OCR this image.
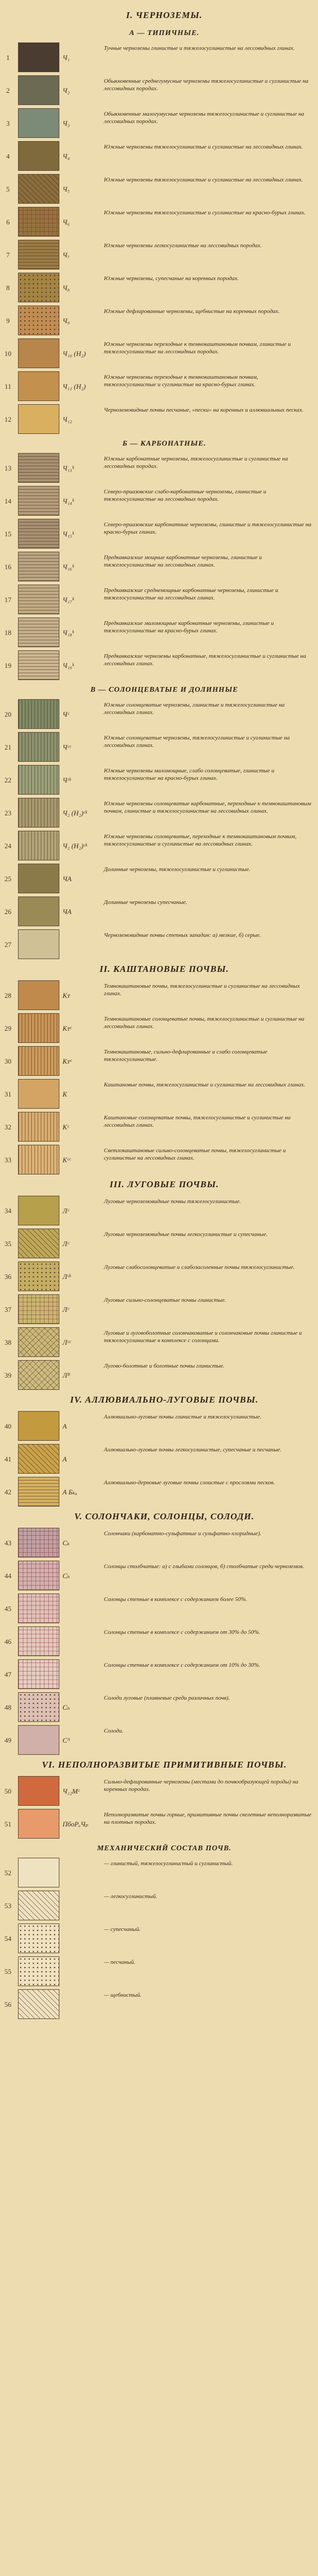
I. ЧЕРНОЗЕМЫ.
А — ТИПИЧНЫЕ.
1	Ч₁
Тучные черноземы глинистые и тяжелосуглинистые на лессовидных глинах.
2	Ч₂
Обыкновенные среднегумусные черноземы тяжелосуглинистые и суглинистые на лессовидных породах.
3	Ч₃
Обыкновенные малогумусные черноземы тяжелосуглинистые и суглинистые на лессовидных породах.
4	Ч₄
Южные черноземы тяжелосуглинистые и суглинистые на лессовидных глинах.
5	Ч₅
Южные черноземы тяжелосуглинистые и суглинистые на лессовидных глинах.
6	Ч₆
Южные черноземы тяжелосуглинистые и суглинистые на красно-бурых глинах.
7	Ч₇
Южные черноземы легкосуглинистые на лессовидных породах.
8	Ч₈
Южные черноземы, супесчаные на коренных породах.
9	Ч₉
Южные дефлированные черноземы, щебнистые на коренных породах.
10	Ч₁₀ (Н₂)
Южные черноземы переходные к темнокаштановым почвам, глинистые и тяжелосуглинистые на лессовидных породах.
11	Ч₁₁ (Н₂)
Южные черноземы переходные к темнокаштановым почвам, тяжелосуглинистые и суглинистые на красно-бурых глинах.
12	Ч₁₂
Черноземовидные почвы песчаные, «пески» на коренных и аллювиальных песках.
Б — КАРБОНАТНЫЕ.
13	Ч₁₃ᵏ
Южные карбонатные черноземы, тяжелосуглинистые и суглинистые на лессовидных породах.
14	Ч₁₄ᵏ
Северо-приазовские слабо-карбонатные черноземы, глинистые и тяжелосуглинистые на лессовидных породах.
15	Ч₁₅ᵏ
Северо-приазовские карбонатные черноземы, глинистые и тяжелосуглинистые на красно-бурых глинах.
16	Ч₁₆ᵏ
Предкавказские мощные карбонатные черноземы, глинистые и тяжелосуглинистые на лессовидных глинах.
17	Ч₁₇ᵏ
Предкавказские среднемощные карбонатные черноземы, глинистые и тяжелосуглинистые на лессовидных глинах.
18	Ч₁₈ᵏ
Предкавказские маломощные карбонатные черноземы, глинистые и тяжелосуглинистые на красно-бурых глинах.
19	Ч₁₉ᵏ
Предкавказские черноземы карбонатные, тяжелосуглинистые и суглинистые на лессовидных глинах.
В — СОЛОНЦЕВАТЫЕ И ДОЛИННЫЕ
20	Чᶜ
Южные солонцеватые черноземы, глинистые и тяжелосуглинистые на лессовидных глинах.
21	Чᶜᶜ
Южные солонцеватые черноземы, тяжелосуглинистые и суглинистые на лессовидных глинах.
22	Чᶜᵏ
Южные черноземы маломощные, слабо солонцеватые, глинистые и тяжелосуглинистые на красно-бурых глинах.
23	Ч₂ (Н₂)ᶜᵏ
Южные черноземы солонцеватые карбонатные, переходные к темнокаштановым почвам, глинистые и тяжелосуглинистые на лессовидных глинах.
24	Ч₂ (Н₂)ᶜᵏ
Южные черноземы солонцеватые, переходные к темнокаштановым почвам, тяжелосуглинистые и суглинистые на лессовидных глинах.
25	ЧА
Долинные черноземы, тяжелосуглинистые и суглинистые.
26	ЧА
Долинные черноземы супесчаные.
27
Черноземовидные почвы степных западин: а) мелкие, б) серые.
II. КАШТАНОВЫЕ ПОЧВЫ.
28	Кᴛ
Темнокаштановые почвы, тяжелосуглинистые и суглинистые на лессовидных глинах.
29	Кᴛᶜ
Темнокаштановые солонцеватые почвы, тяжелосуглинистые и суглинистые на лессовидных глинах.
30	Кᴛᶜ
Темнокаштановые, сильно-дефлированные и слабо солонцеватые тяжелосуглинистые.
31	К
Каштановые почвы, тяжелосуглинистые и суглинистые на лессовидных глинах.
32	Кᶜ
Каштановые солонцеватые почвы, тяжелосуглинистые и суглинистые на лессовидных глинах.
33	Кᶜᶜ
Светлокаштановые сильно-солонцеватые почвы, тяжелосуглинистые и суглинистые на лессовидных глинах.
III. ЛУГОВЫЕ ПОЧВЫ.
34	Лᶜ
Луговые черноземовидные почвы тяжелосуглинистые.
35	Лᶜ
Луговые черноземовидные почвы легкосуглинистые и супесчаные.
36	Лᶜᵏ
Луговые слабосолонцеватые и слабозасоленные почвы тяжелосуглинистые.
37	Лᶜ
Луговые сильно-солонцеватые почвы глинистые.
38	Лᶜᶜ
Луговые и луговоболотные солончаковатые и солончаковые почвы глинистые и тяжелосуглинистые в комплексе с солонцами.
39	Лᴮ
Лугово-болотные и болотные почвы глинистые.
IV. АЛЛЮВИАЛЬНО-ЛУГОВЫЕ ПОЧВЫ.
40	А
Аллювиально-луговые почвы глинистые и тяжелосуглинистые.
41	А
Аллювиально-луговые почвы легкосуглинистые, супесчаные и песчаные.
42	А Бₖₐ
Аллювиально-дерновые луговые почвы слоистые с прослоями песков.
V. СОЛОНЧАКИ, СОЛОНЦЫ, СОЛОДИ.
43	Сₖ
Солончаки (карбонатно-сульфатные и сульфатно-хлоридные).
44	Сₕ
Солонцы столбчатые: а) с глыбами солонцов, б) столбчатые среди черноземов.
45
Солонцы степные в комплексе с содержанием более 50%.
46
Солонцы степные в комплексе с содержанием от 30% до 50%.
47
Солонцы степные в комплексе с содержанием от 10% до 30%.
48	Сₕ
Солоди луговые (плавневые среди различных почв).
49	Сᴬ
Солоди.
VI. НЕПОЛНОРАЗВИТЫЕ ПРИМИТИВНЫЕ ПОЧВЫ.
50	Ч₁₂Мᶜ
Сильно-дефлированные черноземы (местами до почвообразующей породы) на коренных породах.
51	ПбᴏРᵤЧₚ
Неполноразвитые почвы горные, примитивные почвы скелетные неполноразвитые на плотных породах.
МЕХАНИЧЕСКИЙ СОСТАВ ПОЧВ.
52
— глинистый, тяжелосуглинистый и суглинистый.
53
— легкосуглинистый.
54
— супесчаный.
55
— песчаный.
56
— щебнистый.
